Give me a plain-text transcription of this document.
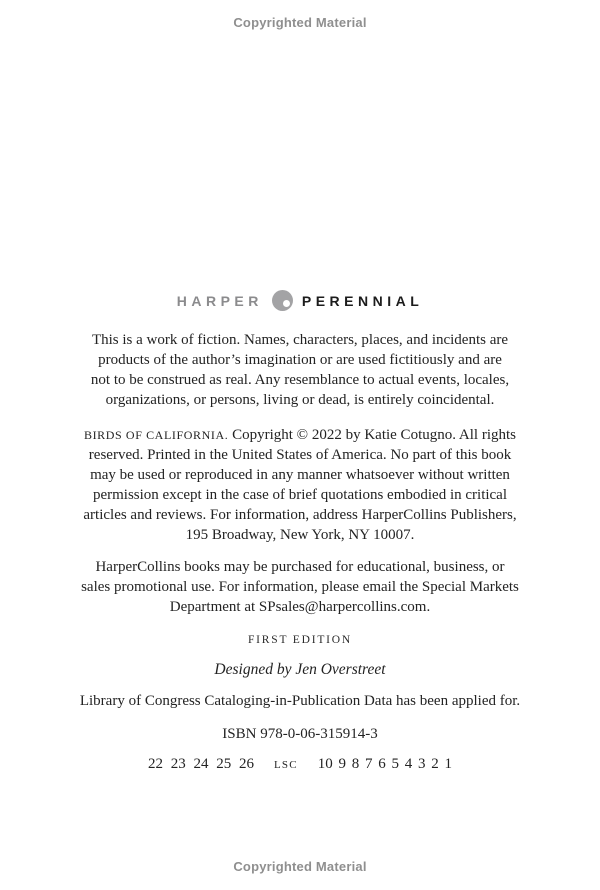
Copyrighted Material
HARPER	PERENNIAL
This is a work of fiction. Names, characters, places, and incidents are
products of the author’s imagination or are used fictitiously and are
not to be construed as real. Any resemblance to actual events, locales,
organizations, or persons, living or dead, is entirely coincidental.
BIRDS OF CALIFORNIA. Copyright © 2022 by Katie Cotugno. All rights
reserved. Printed in the United States of America. No part of this book
may be used or reproduced in any manner whatsoever without written
permission except in the case of brief quotations embodied in critical
articles and reviews. For information, address HarperCollins Publishers,
195 Broadway, New York, NY 10007.
HarperCollins books may be purchased for educational, business, or
sales promotional use. For information, please email the Special Markets
Department at SPsales@harpercollins.com.
FIRST EDITION
Designed by Jen Overstreet
Library of Congress Cataloging-in-Publication Data has been applied for.
ISBN 978-0-06-315914-3
22 23 24 25 26 LSC 10 9 8 7 6 5 4 3 2 1
Copyrighted Material
